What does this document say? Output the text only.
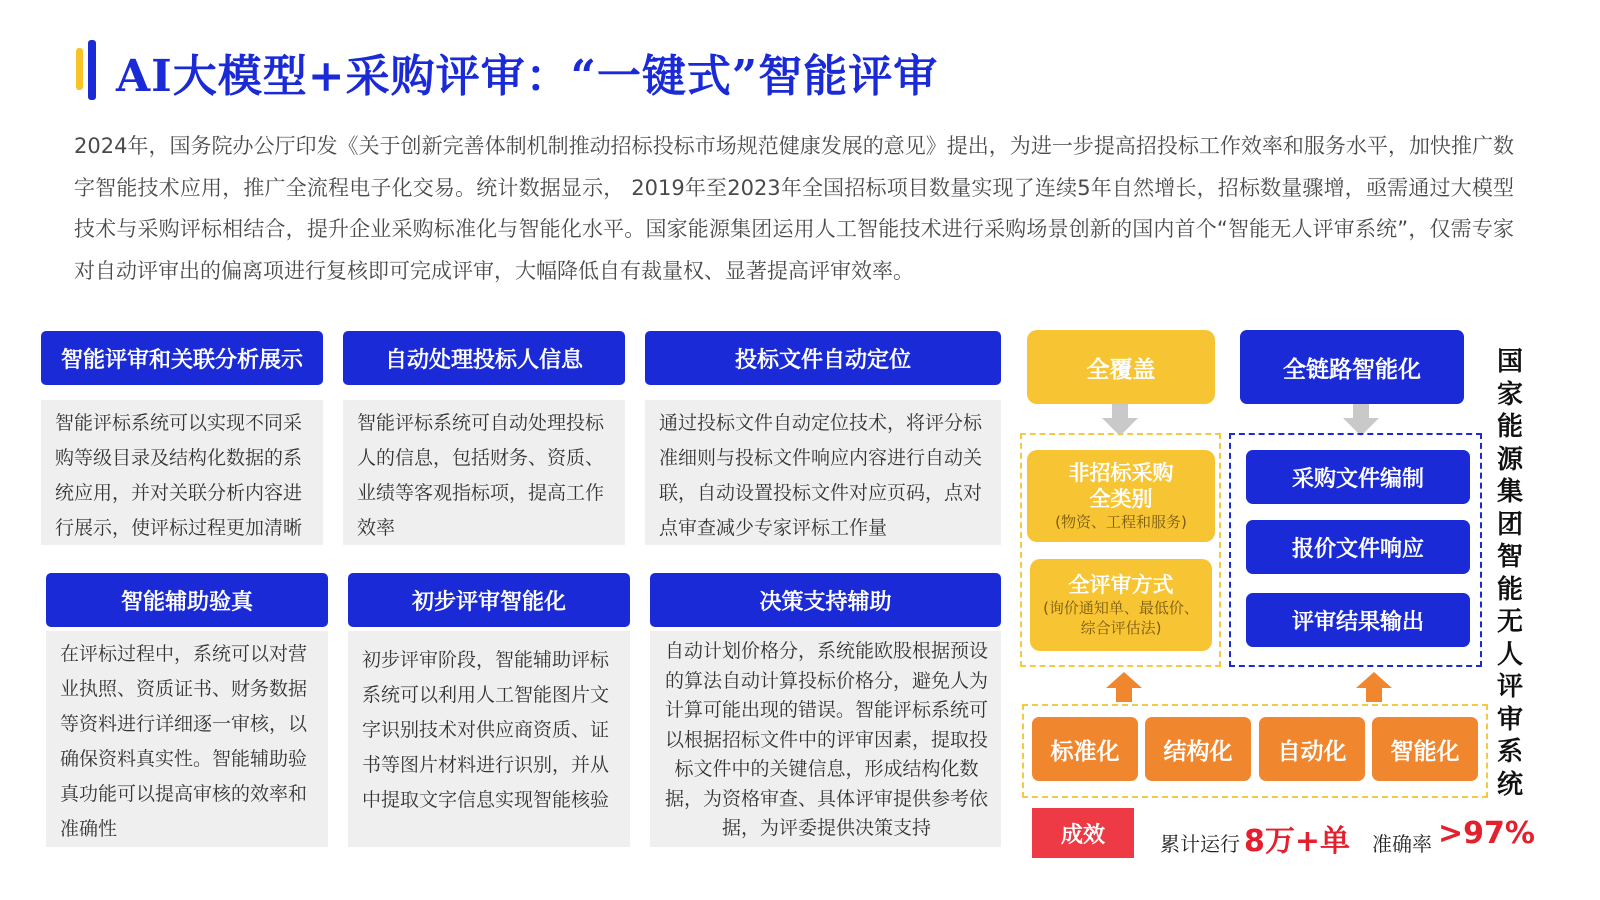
AI大模型+采购评审：“一键式”智能评审
2024年，国务院办公厅印发《关于创新完善体制机制推动招标投标市场规范健康发展的意见》提出，为进一步提高招投标工作效率和服务水平，加快推广数字智能技术应用，推广全流程电子化交易。统计数据显示， 2019年至2023年全国招标项目数量实现了连续5年自然增长，招标数量骤增，亟需通过大模型技术与采购评标相结合，提升企业采购标准化与智能化水平。国家能源集团运用人工智能技术进行采购场景创新的国内首个“智能无人评审系统”，仅需专家对自动评审出的偏离项进行复核即可完成评审，大幅降低自有裁量权、显著提高评审效率。
智能评审和关联分析展示
智能评标系统可以实现不同采购等级目录及结构化数据的系统应用，并对关联分析内容进行展示，使评标过程更加清晰
自动处理投标人信息
智能评标系统可自动处理投标人的信息，包括财务、资质、业绩等客观指标项，提高工作效率
投标文件自动定位
通过投标文件自动定位技术，将评分标准细则与投标文件响应内容进行自动关联，自动设置投标文件对应页码，点对点审查减少专家评标工作量
智能辅助验真
在评标过程中，系统可以对营业执照、资质证书、财务数据等资料进行详细逐一审核，以确保资料真实性。智能辅助验真功能可以提高审核的效率和准确性
初步评审智能化
初步评审阶段，智能辅助评标系统可以利用人工智能图片文字识别技术对供应商资质、证书等图片材料进行识别，并从中提取文字信息实现智能核验
决策支持辅助
自动计划价格分，系统能欧股根据预设的算法自动计算投标价格分，避免人为计算可能出现的错误。智能评标系统可以根据招标文件中的评审因素，提取投标文件中的关键信息，形成结构化数据，为资格审查、具体评审提供参考依据，为评委提供决策支持
全覆盖	全链路智能化
非招标采购
全类别
(物资、工程和服务)
全评审方式
(询价通知单、最低价、综合评估法)
采购文件编制
报价文件响应
评审结果输出
标准化 结构化 自动化 智能化
国家能源集团智能无人评审系统
成效	累计运行 8万+单 准确率 >97%
